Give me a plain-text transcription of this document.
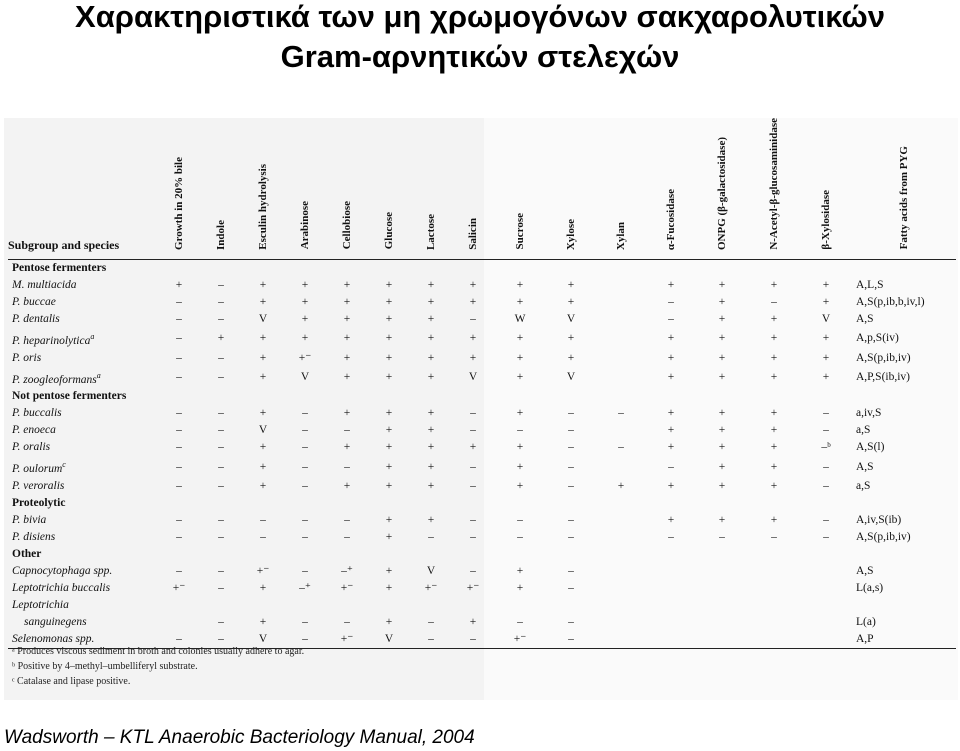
Χαρακτηριστικά των μη χρωμογόνων σακχαρολυτικών
Gram-αρνητικών στελεχών
Subgroup and species	Growth in 20% bile	Indole	Esculin hydrolysis	Arabinose	Cellobiose	Glucose	Lactose	Salicin	Sucrose	Xylose	Xylan	α-Fucosidase	ONPG (β-galactosidase)	N-Acetyl-β-glucosaminidase	β-Xylosidase	Fatty acids from PYG
Pentose fermenters																
M. multiacida	+	–	+	+	+	+	+	+	+	+		+	+	+	+	A,L,S
P. buccae	–	–	+	+	+	+	+	+	+	+		–	+	–	+	A,S(p,ib,b,iv,l)
P. dentalis	–	–	V	+	+	+	+	–	W	V		–	+	+	V	A,S
P. heparinolytica$^a$	–	+	+	+	+	+	+	+	+	+		+	+	+	+	A,p,S(iv)
P. oris	–	–	+	+⁻	+	+	+	+	+	+		+	+	+	+	A,S(p,ib,iv)
P. zoogleoformans$^a$	–	–	+	V	+	+	+	V	+	V		+	+	+	+	A,P,S(ib,iv)
Not pentose fermenters																
P. buccalis	–	–	+	–	+	+	+	–	+	–	–	+	+	+	–	a,iv,S
P. enoeca	–	–	V	–	–	+	+	–	–	–		+	+	+	–	a,S
P. oralis	–	–	+	–	+	+	+	+	+	–	–	+	+	+	–ᵇ	A,S(l)
P. oulorum$^c$	–	–	+	–	–	+	+	–	+	–		–	+	+	–	A,S
P. veroralis	–	–	+	–	+	+	+	–	+	–	+	+	+	+	–	a,S
Proteolytic																
P. bivia	–	–	–	–	–	+	+	–	–	–		+	+	+	–	A,iv,S(ib)
P. disiens	–	–	–	–	–	+	–	–	–	–		–	–	–	–	A,S(p,ib,iv)
Other																
Capnocytophaga spp.	–	–	+⁻	–	–⁺	+	V	–	+	–						A,S
Leptotrichia buccalis	+⁻	–	+	–⁺	+⁻	+	+⁻	+⁻	+	–						L(a,s)
Leptotrichia																
sanguinegens		–	+	–	–	+	–	+	–	–						L(a)
Selenomonas spp.	–	–	V	–	+⁻	V	–	–	+⁻	–						A,P
ᵃ Produces viscous sediment in broth and colonies usually adhere to agar.
ᵇ Positive by 4–methyl–umbelliferyl substrate.
ᶜ Catalase and lipase positive.
Wadsworth – KTL Anaerobic Bacteriology Manual, 2004
